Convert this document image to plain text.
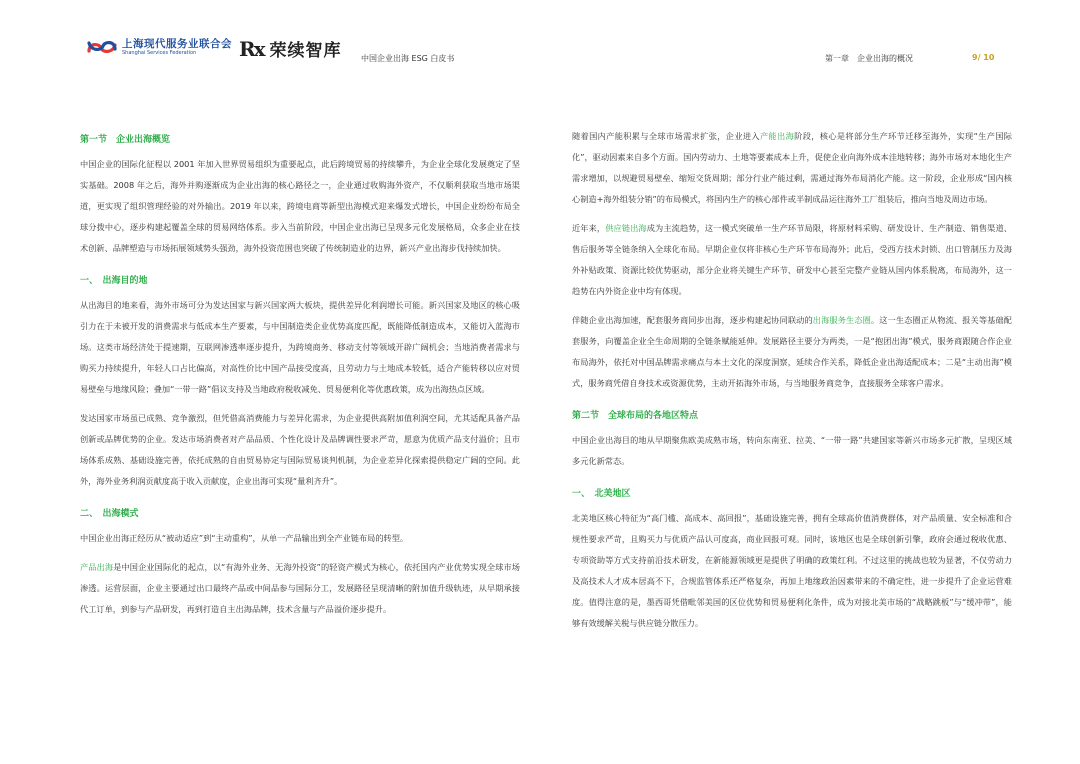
上海现代服务业联合会
Shanghai Services Federation	Rx 荣续智库 中国企业出海 ESG 白皮书	第一章　企业出海的概况	9/ 10
第一节　企业出海概览

中国企业的国际化征程以 2001 年加入世界贸易组织为重要起点，此后跨境贸易的持续攀升，为企业全球化发展奠定了坚实基础。2008 年之后，海外并购逐渐成为企业出海的核心路径之一，企业通过收购海外资产，不仅顺利获取当地市场渠道，更实现了组织管理经验的对外输出。2019 年以来，跨境电商等新型出海模式迎来爆发式增长，中国企业纷纷布局全球分拨中心，逐步构建起覆盖全球的贸易网络体系。步入当前阶段，中国企业出海已呈现多元化发展格局，众多企业在技术创新、品牌塑造与市场拓展领域势头强劲，海外投资范围也突破了传统制造业的边界，新兴产业出海步伐持续加快。

一、　出海目的地

从出海目的地来看，海外市场可分为发达国家与新兴国家两大板块，提供差异化利润增长可能。新兴国家及地区的核心吸引力在于未被开发的消费需求与低成本生产要素，与中国制造类企业优势高度匹配，既能降低制造成本，又能切入蓝海市场。这类市场经济处于提速期，互联网渗透率逐步提升，为跨境商务、移动支付等领域开辟广阔机会；当地消费者需求与购买力持续提升，年轻人口占比偏高，对高性价比中国产品接受度高，且劳动力与土地成本较低，适合产能转移以应对贸易壁垒与地缘风险；叠加“一带一路”倡议支持及当地政府税收减免、贸易便利化等优惠政策，成为出海热点区域。

发达国家市场虽已成熟、竞争激烈，但凭借高消费能力与差异化需求，为企业提供高附加值利润空间，尤其适配具备产品创新或品牌优势的企业。发达市场消费者对产品品质、个性化设计及品牌调性要求严苛，愿意为优质产品支付溢价；且市场体系成熟、基础设施完善，依托成熟的自由贸易协定与国际贸易谈判机制，为企业差异化探索提供稳定广阔的空间。此外，海外业务利润贡献度高于收入贡献度，企业出海可实现“量利齐升”。

二、　出海模式

中国企业出海正经历从“被动适应”到“主动重构”，从单一产品输出到全产业链布局的转型。

产品出海是中国企业国际化的起点，以“有海外业务、无海外投资”的轻资产模式为核心，依托国内产业优势实现全球市场渗透。运营层面，企业主要通过出口最终产品或中间品参与国际分工，发展路径呈现清晰的附加值升级轨迹，从早期承接代工订单，到参与产品研发，再到打造自主出海品牌，技术含量与产品溢价逐步提升。

随着国内产能积累与全球市场需求扩张，企业进入产能出海阶段，核心是将部分生产环节迁移至海外，实现“生产国际化”，驱动因素来自多个方面。国内劳动力、土地等要素成本上升，促使企业向海外成本洼地转移；海外市场对本地化生产需求增加，以规避贸易壁垒、缩短交货周期；部分行业产能过剩，需通过海外布局消化产能。这一阶段，企业形成“国内核心制造+海外组装分销”的布局模式，将国内生产的核心部件或半制成品运往海外工厂组装后，推向当地及周边市场。

近年来，供应链出海成为主流趋势，这一模式突破单一生产环节局限，将原材料采购、研发设计、生产制造、销售渠道、售后服务等全链条纳入全球化布局。早期企业仅将非核心生产环节布局海外；此后，受西方技术封锁、出口管制压力及海外补贴政策、资源比较优势驱动，部分企业将关键生产环节、研发中心甚至完整产业链从国内体系脱离，布局海外，这一趋势在内外资企业中均有体现。

伴随企业出海加速，配套服务商同步出海，逐步构建起协同联动的出海服务生态圈。这一生态圈正从物流、报关等基础配套服务，向覆盖企业全生命周期的全链条赋能延伸。发展路径主要分为两类，一是“抱团出海”模式，服务商跟随合作企业布局海外，依托对中国品牌需求痛点与本土文化的深度洞察，延续合作关系，降低企业出海适配成本；二是“主动出海”模式，服务商凭借自身技术或资源优势，主动开拓海外市场，与当地服务商竞争，直接服务全球客户需求。

第二节　全球布局的各地区特点

中国企业出海目的地从早期聚焦欧美成熟市场，转向东南亚、拉美、“一带一路”共建国家等新兴市场多元扩散，呈现区域多元化新常态。

一、　北美地区

北美地区核心特征为“高门槛、高成本、高回报”，基础设施完善，拥有全球高价值消费群体，对产品质量、安全标准和合规性要求严苛，且购买力与优质产品认可度高，商业回报可观。同时，该地区也是全球创新引擎，政府会通过税收优惠、专项资助等方式支持前沿技术研发，在新能源领域更是提供了明确的政策红利。不过这里的挑战也较为显著，不仅劳动力及高技术人才成本居高不下，合规监管体系还严格复杂，再加上地缘政治因素带来的不确定性，进一步提升了企业运营难度。值得注意的是，墨西哥凭借毗邻美国的区位优势和贸易便利化条件，成为对接北美市场的“战略跳板”与“缓冲带”，能够有效缓解关税与供应链分散压力。
